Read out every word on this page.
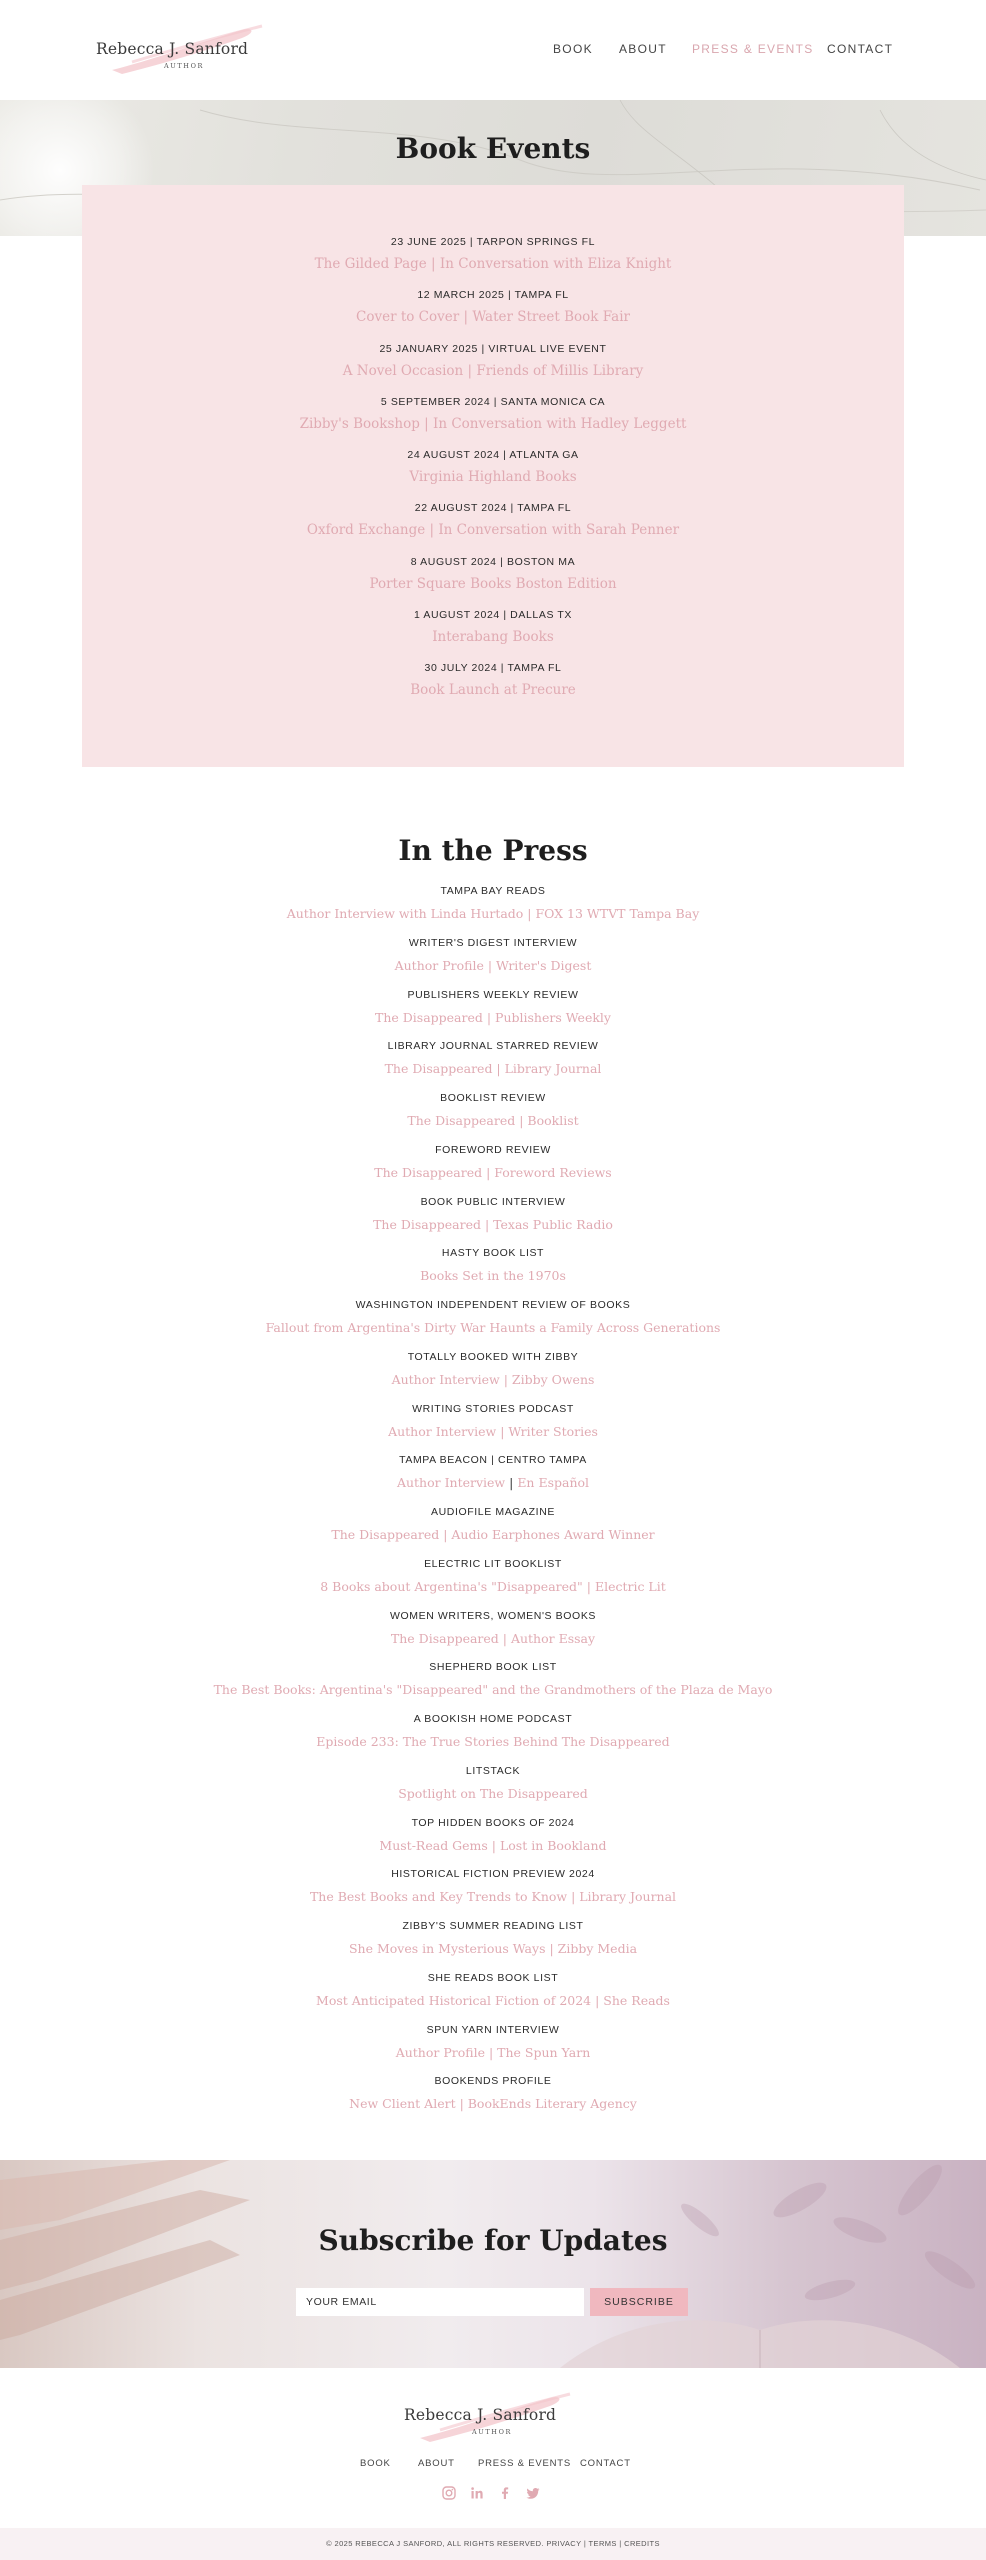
Rebecca J. Sanford
AUTHOR
BOOK ABOUT PRESS & EVENTS CONTACT
Book Events
23 JUNE 2025 | TARPON SPRINGS FL
The Gilded Page | In Conversation with Eliza Knight
12 MARCH 2025 | TAMPA FL
Cover to Cover | Water Street Book Fair
25 JANUARY 2025 | VIRTUAL LIVE EVENT
A Novel Occasion | Friends of Millis Library
5 SEPTEMBER 2024 | SANTA MONICA CA
Zibby's Bookshop | In Conversation with Hadley Leggett
24 AUGUST 2024 | ATLANTA GA
Virginia Highland Books
22 AUGUST 2024 | TAMPA FL
Oxford Exchange | In Conversation with Sarah Penner
8 AUGUST 2024 | BOSTON MA
Porter Square Books Boston Edition
1 AUGUST 2024 | DALLAS TX
Interabang Books
30 JULY 2024 | TAMPA FL
Book Launch at Precure
In the Press
TAMPA BAY READS
Author Interview with Linda Hurtado | FOX 13 WTVT Tampa Bay
WRITER'S DIGEST INTERVIEW
Author Profile | Writer's Digest
PUBLISHERS WEEKLY REVIEW
The Disappeared | Publishers Weekly
LIBRARY JOURNAL STARRED REVIEW
The Disappeared | Library Journal
BOOKLIST REVIEW
The Disappeared | Booklist
FOREWORD REVIEW
The Disappeared | Foreword Reviews
BOOK PUBLIC INTERVIEW
The Disappeared | Texas Public Radio
HASTY BOOK LIST
Books Set in the 1970s
WASHINGTON INDEPENDENT REVIEW OF BOOKS
Fallout from Argentina's Dirty War Haunts a Family Across Generations
TOTALLY BOOKED WITH ZIBBY
Author Interview | Zibby Owens
WRITING STORIES PODCAST
Author Interview | Writer Stories
TAMPA BEACON | CENTRO TAMPA
Author Interview | En Español
AUDIOFILE MAGAZINE
The Disappeared | Audio Earphones Award Winner
ELECTRIC LIT BOOKLIST
8 Books about Argentina's "Disappeared" | Electric Lit
WOMEN WRITERS, WOMEN'S BOOKS
The Disappeared | Author Essay
SHEPHERD BOOK LIST
The Best Books: Argentina's "Disappeared" and the Grandmothers of the Plaza de Mayo
A BOOKISH HOME PODCAST
Episode 233: The True Stories Behind The Disappeared
LITSTACK
Spotlight on The Disappeared
TOP HIDDEN BOOKS OF 2024
Must-Read Gems | Lost in Bookland
HISTORICAL FICTION PREVIEW 2024
The Best Books and Key Trends to Know | Library Journal
ZIBBY'S SUMMER READING LIST
She Moves in Mysterious Ways | Zibby Media
SHE READS BOOK LIST
Most Anticipated Historical Fiction of 2024 | She Reads
SPUN YARN INTERVIEW
Author Profile | The Spun Yarn
BOOKENDS PROFILE
New Client Alert | BookEnds Literary Agency
Subscribe for Updates
YOUR EMAIL
SUBSCRIBE
Rebecca J. Sanford
AUTHOR
BOOK	ABOUT PRESS & EVENTS CONTACT
© 2025 REBECCA J SANFORD, ALL RIGHTS RESERVED. PRIVACY | TERMS | CREDITS
